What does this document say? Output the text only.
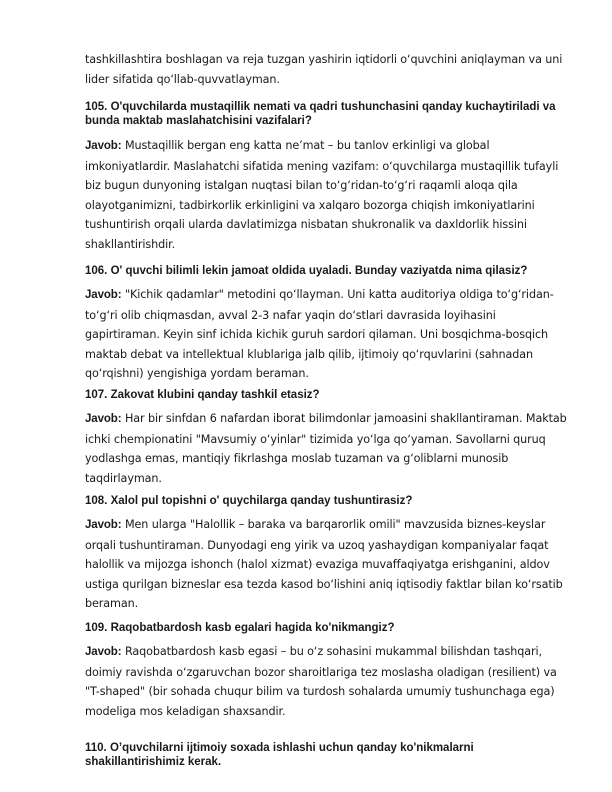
tashkillashtira boshlagan va reja tuzgan yashirin iqtidorli o‘quvchini aniqlayman va uni lider sifatida qo‘llab-quvvatlayman.

105. O'quvchilarda mustaqillik nemati va qadri tushunchasini qanday kuchaytiriladi va bunda maktab maslahatchisini vazifalari?

Javob: Mustaqillik bergan eng katta ne’mat – bu tanlov erkinligi va global imkoniyatlardir. Maslahatchi sifatida mening vazifam: o‘quvchilarga mustaqillik tufayli biz bugun dunyoning istalgan nuqtasi bilan to‘g‘ridan-to‘g‘ri raqamli aloqa qila olayotganimizni, tadbirkorlik erkinligini va xalqaro bozorga chiqish imkoniyatlarini tushuntirish orqali ularda davlatimizga nisbatan shukronalik va daxldorlik hissini shakllantirishdir.

106. O' quvchi bilimli lekin jamoat oldida uyaladi. Bunday vaziyatda nima qilasiz?

Javob: "Kichik qadamlar" metodini qo‘llayman. Uni katta auditoriya oldiga to‘g‘ridan-to‘g‘ri olib chiqmasdan, avval 2-3 nafar yaqin do‘stlari davrasida loyihasini gapirtiraman. Keyin sinf ichida kichik guruh sardori qilaman. Uni bosqichma-bosqich maktab debat va intellektual klublariga jalb qilib, ijtimoiy qo‘rquvlarini (sahnadan qo‘rqishni) yengishiga yordam beraman.

107. Zakovat klubini qanday tashkil etasiz?

Javob: Har bir sinfdan 6 nafardan iborat bilimdonlar jamoasini shakllantiraman. Maktab ichki chempionatini "Mavsumiy o‘yinlar" tizimida yo‘lga qo‘yaman. Savollarni quruq yodlashga emas, mantiqiy fikrlashga moslab tuzaman va g‘oliblarni munosib taqdirlayman.

108. Xalol pul topishni o' quychilarga qanday tushuntirasiz?

Javob: Men ularga "Halollik – baraka va barqarorlik omili" mavzusida biznes-keyslar orqali tushuntiraman. Dunyodagi eng yirik va uzoq yashaydigan kompaniyalar faqat halollik va mijozga ishonch (halol xizmat) evaziga muvaffaqiyatga erishganini, aldov ustiga qurilgan bizneslar esa tezda kasod bo‘lishini aniq iqtisodiy faktlar bilan ko‘rsatib beraman.

109. Raqobatbardosh kasb egalari hagida ko'nikmangiz?

Javob: Raqobatbardosh kasb egasi – bu o‘z sohasini mukammal bilishdan tashqari, doimiy ravishda o‘zgaruvchan bozor sharoitlariga tez moslasha oladigan (resilient) va "T-shaped" (bir sohada chuqur bilim va turdosh sohalarda umumiy tushunchaga ega) modeliga mos keladigan shaxsandir.

110. O’quvchilarni ijtimoiy soxada ishlashi uchun qanday ko'nikmalarni shakillantirishimiz kerak.
